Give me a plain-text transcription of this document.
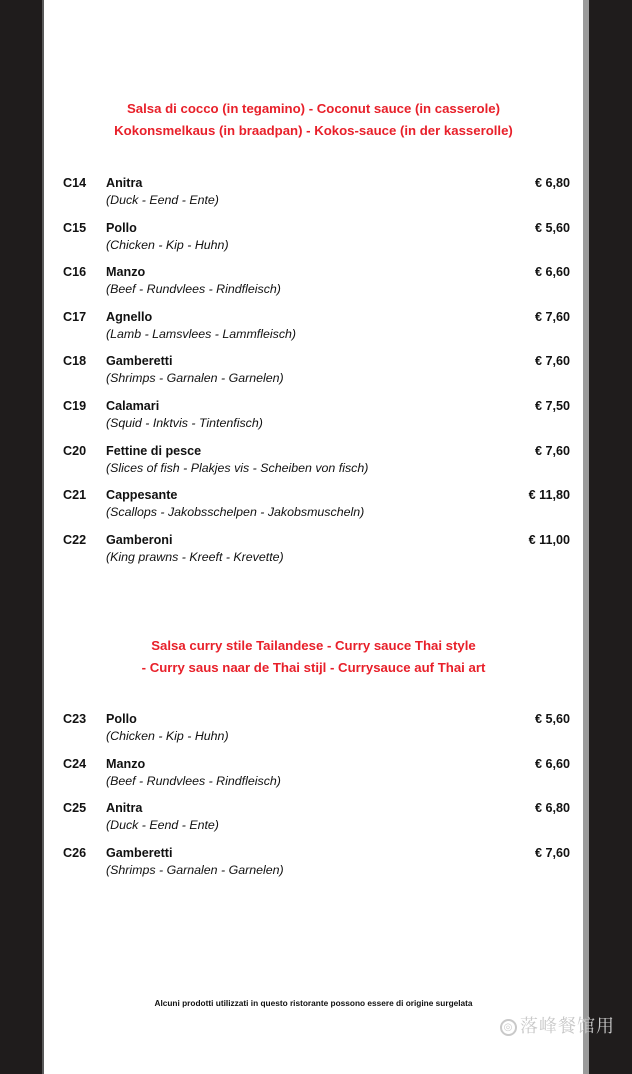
Salsa di cocco (in tegamino) - Coconut sauce (in casserole)
Kokonsmelkaus (in braadpan) - Kokos-sauce (in der kasserolle)
C14 Anitra
(Duck - Eend - Ente)
€ 6,80
C15 Pollo
(Chicken - Kip - Huhn)
€ 5,60
C16 Manzo
(Beef - Rundvlees - Rindfleisch)
€ 6,60
C17 Agnello
(Lamb - Lamsvlees - Lammfleisch)
€ 7,60
C18 Gamberetti
(Shrimps - Garnalen - Garnelen)
€ 7,60
C19 Calamari
(Squid - Inktvis - Tintenfisch)
€ 7,50
C20 Fettine di pesce
(Slices of fish - Plakjes vis - Scheiben von fisch)
€ 7,60
C21 Cappesante
(Scallops - Jakobsschelpen - Jakobsmuscheln)
€ 11,80
C22 Gamberoni
(King prawns - Kreeft - Krevette)
€ 11,00
Salsa curry stile Tailandese - Curry sauce Thai style
- Curry saus naar de Thai stijl - Currysauce auf Thai art
C23 Pollo
(Chicken - Kip - Huhn)
€ 5,60
C24 Manzo
(Beef - Rundvlees - Rindfleisch)
€ 6,60
C25 Anitra
(Duck - Eend - Ente)
€ 6,80
C26 Gamberetti
(Shrimps - Garnalen - Garnelen)
€ 7,60
Alcuni prodotti utilizzati in questo ristorante possono essere di origine surgelata
◎ 落峰餐馆用
